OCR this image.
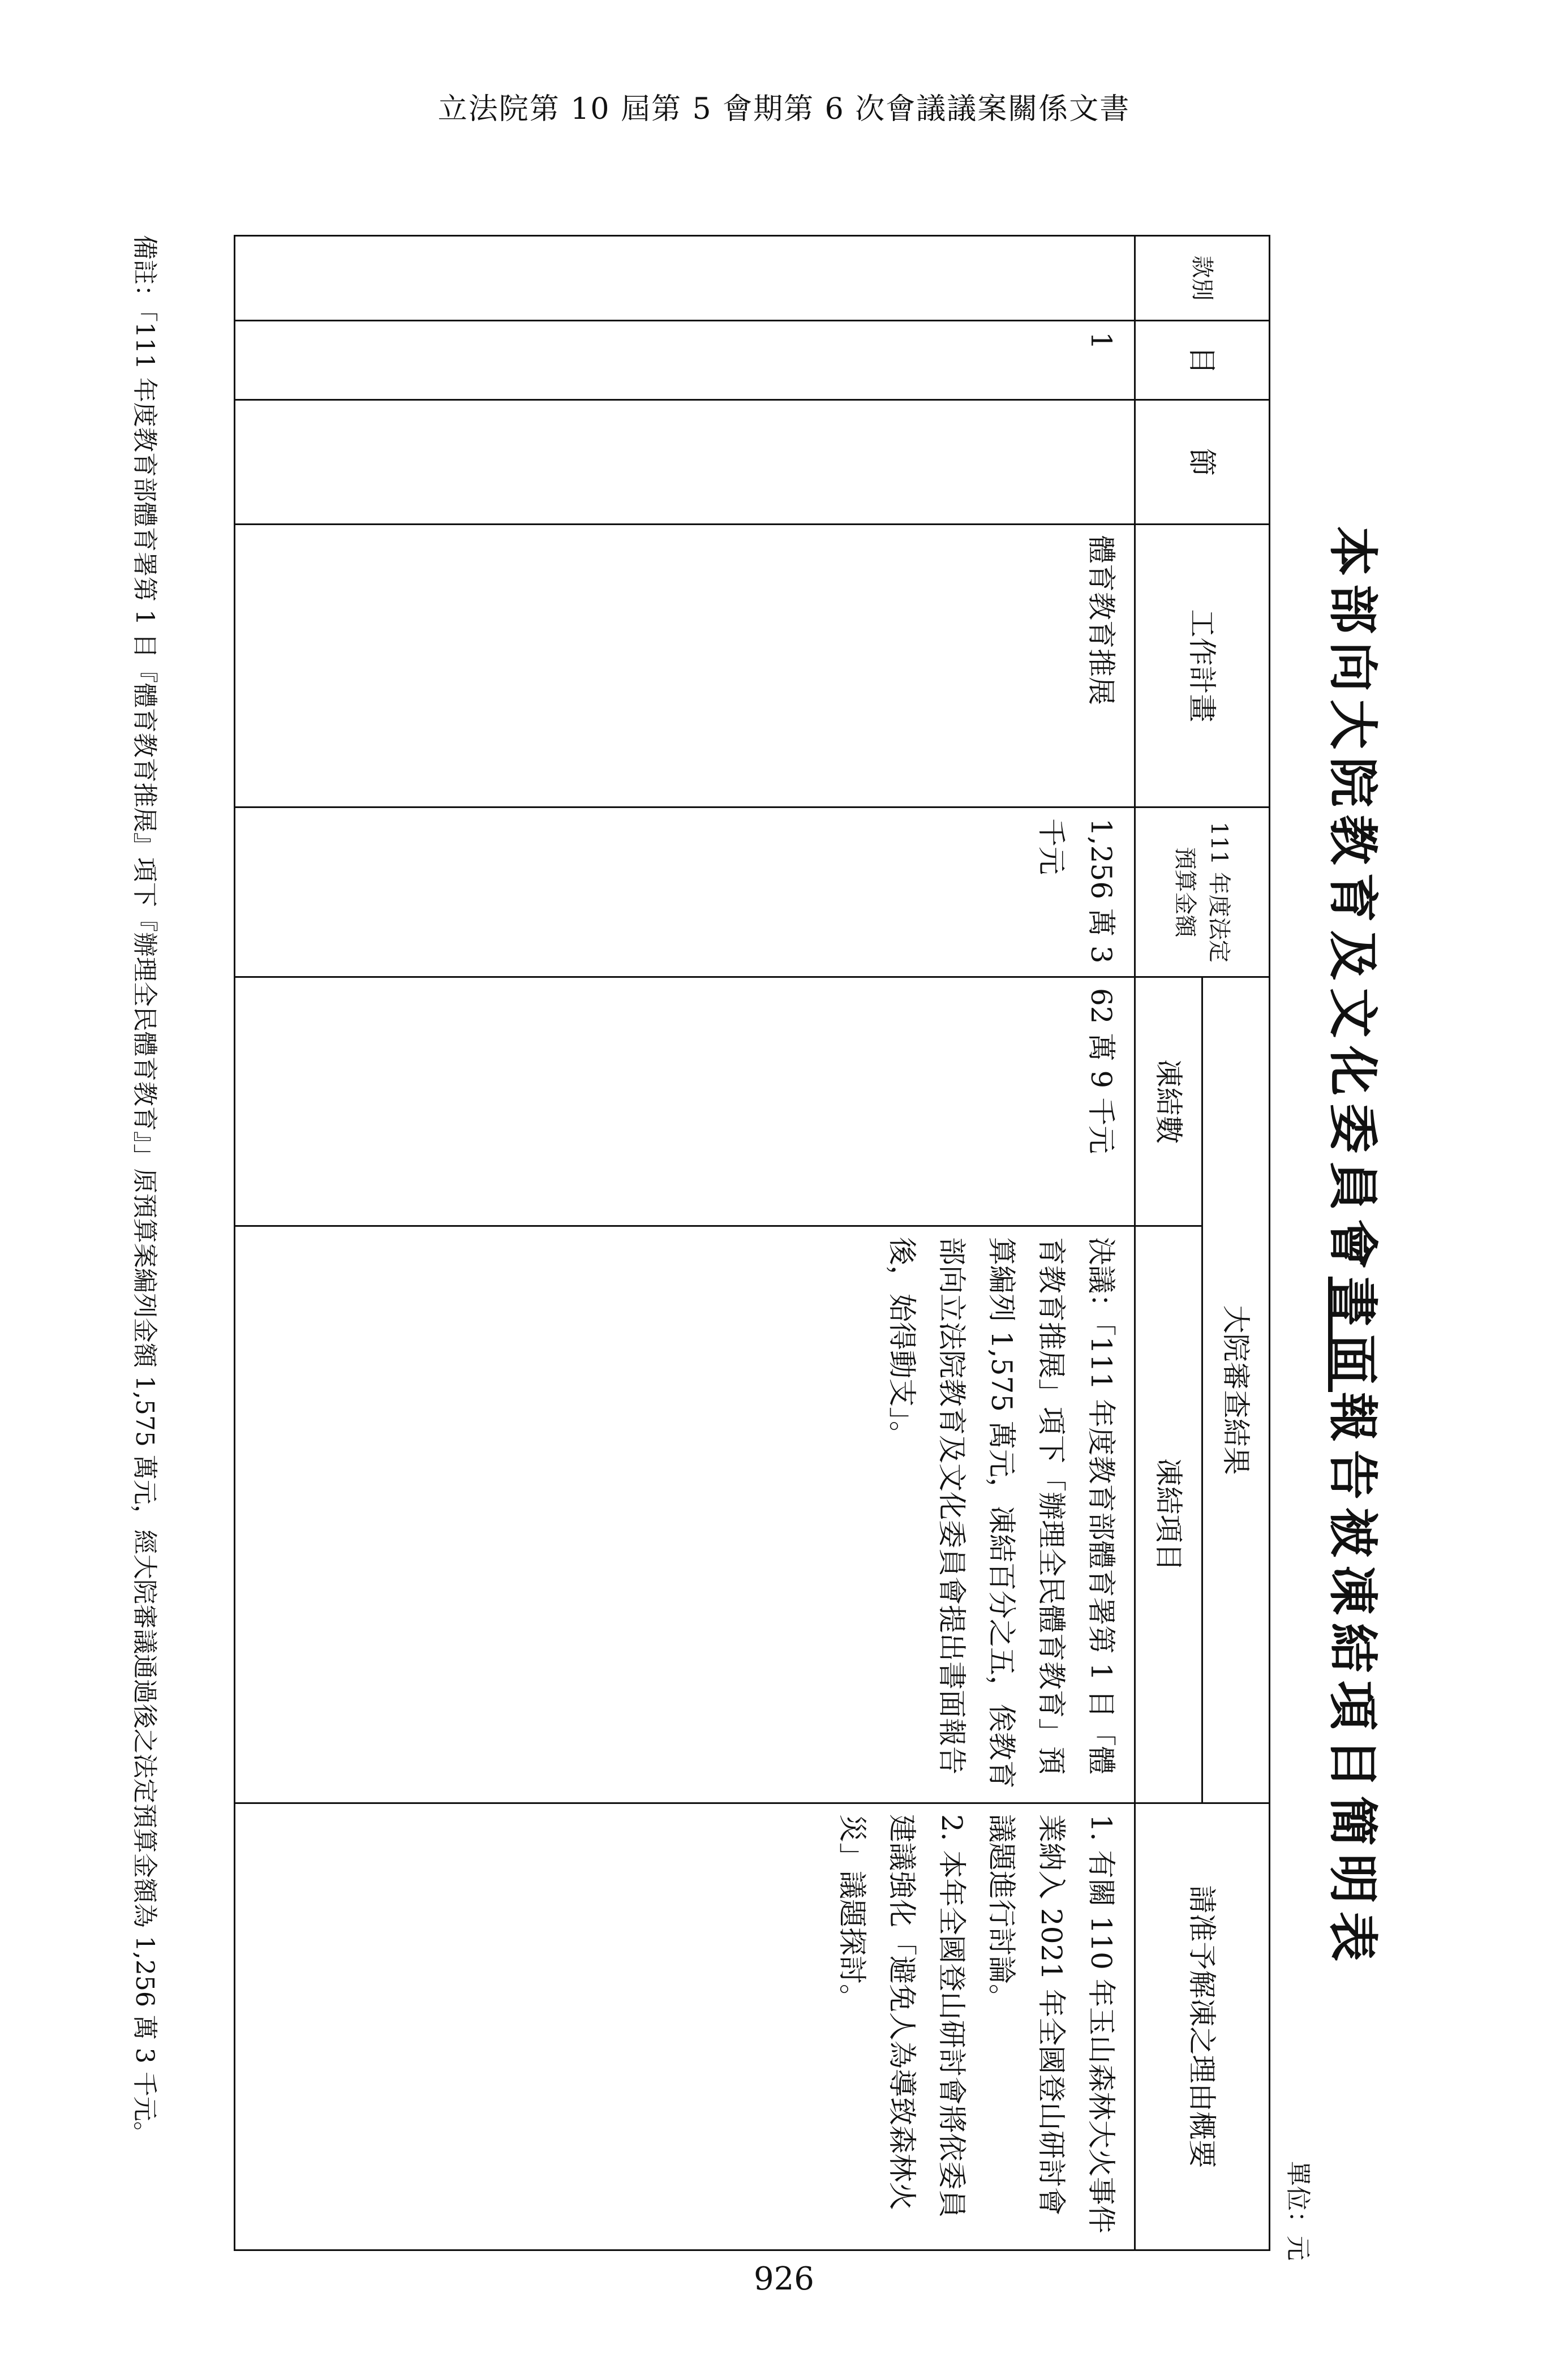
立法院第 10 屆第 5 會期第 6 次會議議案關係文書
本部向大院教育及文化委員會書面報告被凍結項目簡明表
單位：元
款別	目	節	工作計畫	111 年度法定預算金額	大院審查結果		請准予解凍之理由概要
					凍結數	凍結項目	
	1		體育教育推展	1,256 萬 3 千元	62 萬 9 千元	決議：「111 年度教育部體育署第 1 目「體育教育推展」項下「辦理全民體育教育」預算編列 1,575 萬元，凍結百分之五，俟教育部向立法院教育及文化委員會提出書面報告後，始得動支」。	1. 有關 110 年玉山森林大火事件業納入 2021 年全國登山研討會議題進行討論。

2. 本年全國登山研討會將依委員建議強化「避免人為導致森林火災」議題探討。

備註：「111 年度教育部體育署第 1 目『體育教育推展』項下『辦理全民體育教育』」原預算案編列金額 1,575 萬元，經大院審議通過後之法定預算金額為 1,256 萬 3 千元。
926
